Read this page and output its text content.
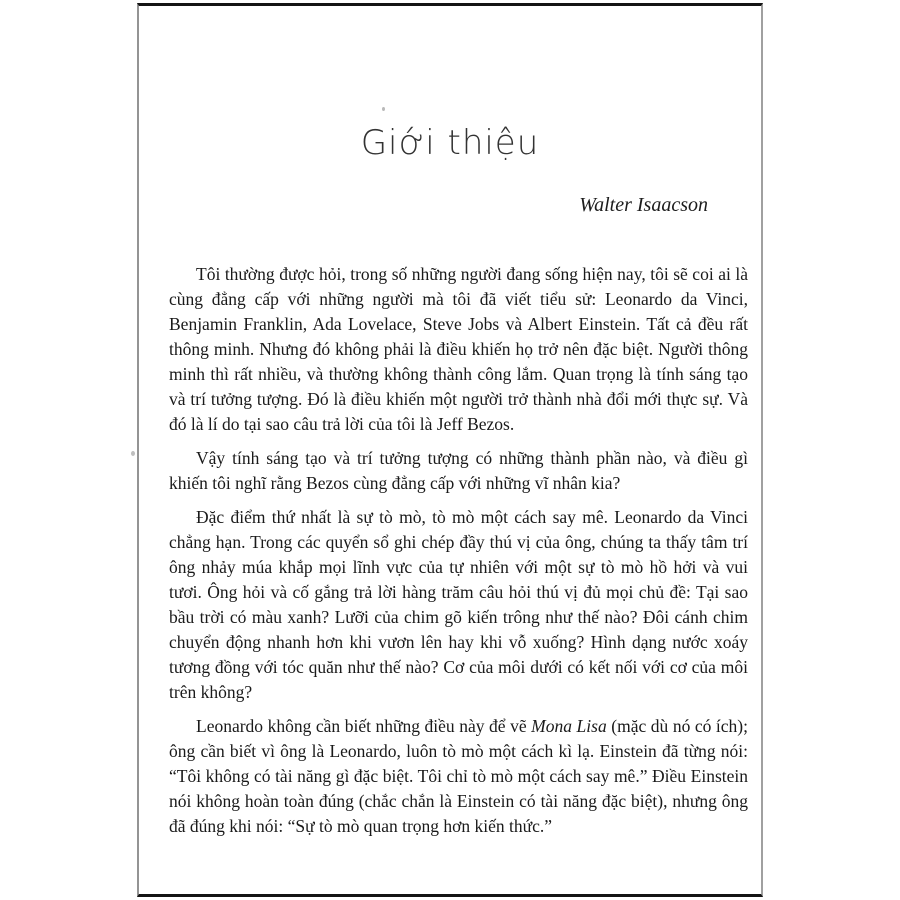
Giới thiệu
Walter Isaacson

Tôi thường được hỏi, trong số những người đang sống hiện nay, tôi sẽ coi ai là cùng đẳng cấp với những người mà tôi đã viết tiểu sử: Leonardo da Vinci, Benjamin Franklin, Ada Lovelace, Steve Jobs và Albert Einstein. Tất cả đều rất thông minh. Nhưng đó không phải là điều khiến họ trở nên đặc biệt. Người thông minh thì rất nhiều, và thường không thành công lắm. Quan trọng là tính sáng tạo và trí tưởng tượng. Đó là điều khiến một người trở thành nhà đổi mới thực sự. Và đó là lí do tại sao câu trả lời của tôi là Jeff Bezos.

Vậy tính sáng tạo và trí tưởng tượng có những thành phần nào, và điều gì khiến tôi nghĩ rằng Bezos cùng đẳng cấp với những vĩ nhân kia?

Đặc điểm thứ nhất là sự tò mò, tò mò một cách say mê. Leonardo da Vinci chẳng hạn. Trong các quyển sổ ghi chép đầy thú vị của ông, chúng ta thấy tâm trí ông nhảy múa khắp mọi lĩnh vực của tự nhiên với một sự tò mò hồ hởi và vui tươi. Ông hỏi và cố gắng trả lời hàng trăm câu hỏi thú vị đủ mọi chủ đề: Tại sao bầu trời có màu xanh? Lưỡi của chim gõ kiến trông như thế nào? Đôi cánh chim chuyển động nhanh hơn khi vươn lên hay khi vỗ xuống? Hình dạng nước xoáy tương đồng với tóc quăn như thế nào? Cơ của môi dưới có kết nối với cơ của môi trên không?

Leonardo không cần biết những điều này để vẽ Mona Lisa (mặc dù nó có ích); ông cần biết vì ông là Leonardo, luôn tò mò một cách kì lạ. Einstein đã từng nói: “Tôi không có tài năng gì đặc biệt. Tôi chỉ tò mò một cách say mê.” Điều Einstein nói không hoàn toàn đúng (chắc chắn là Einstein có tài năng đặc biệt), nhưng ông đã đúng khi nói: “Sự tò mò quan trọng hơn kiến thức.”
